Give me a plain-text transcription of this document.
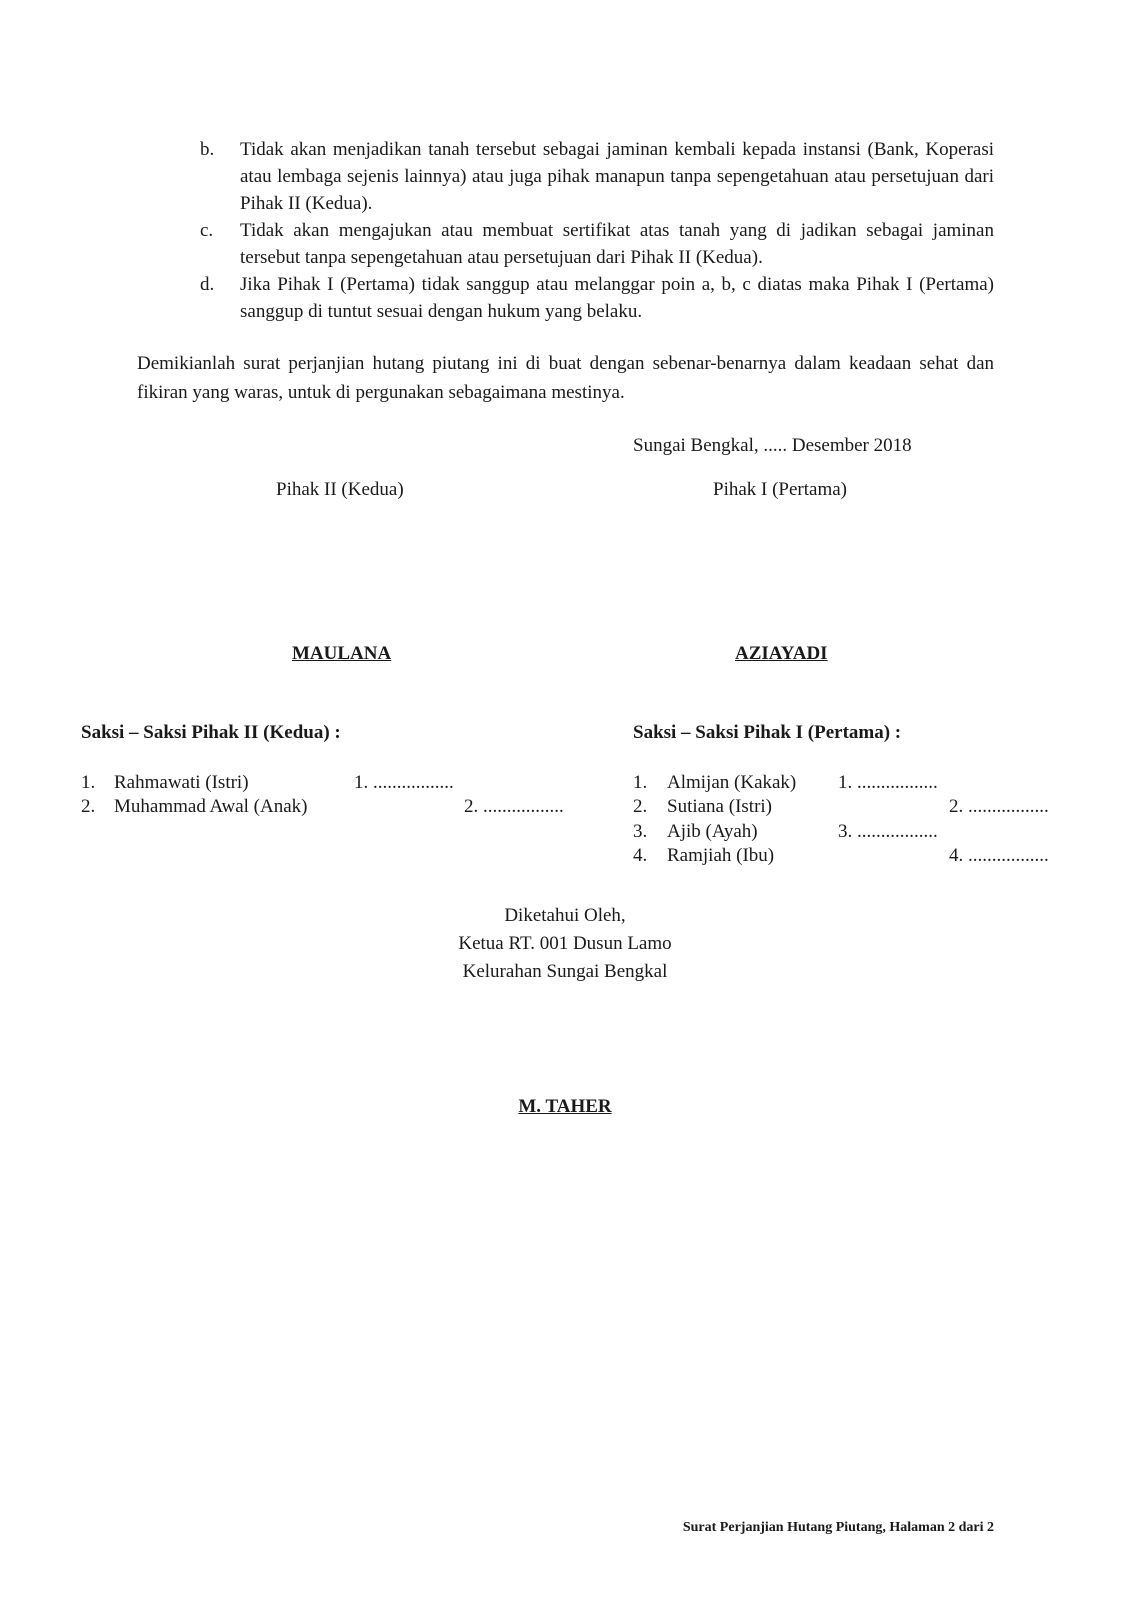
b. Tidak akan menjadikan tanah tersebut sebagai jaminan kembali kepada instansi (Bank, Koperasi atau lembaga sejenis lainnya) atau juga pihak manapun tanpa sepengetahuan atau persetujuan dari Pihak II (Kedua).
c. Tidak akan mengajukan atau membuat sertifikat atas tanah yang di jadikan sebagai jaminan tersebut tanpa sepengetahuan atau persetujuan dari Pihak II (Kedua).
d. Jika Pihak I (Pertama) tidak sanggup atau melanggar poin a, b, c diatas maka Pihak I (Pertama) sanggup di tuntut sesuai dengan hukum yang belaku.
Demikianlah surat perjanjian hutang piutang ini di buat dengan sebenar-benarnya dalam keadaan sehat dan fikiran yang waras, untuk di pergunakan sebagaimana mestinya.
Sungai Bengkal, ..... Desember 2018
Pihak II (Kedua)	Pihak I (Pertama)
MAULANA	AZIAYADI
Saksi – Saksi Pihak II (Kedua) :	Saksi – Saksi Pihak I (Pertama) :
1. Rahmawati (Istri)	1. .................
2. Muhammad Awal (Anak)	2. .................
1. Almijan (Kakak) 1. .................
2. Sutiana (Istri)	2. .................
3. Ajib (Ayah)	3. .................
4. Ramjiah (Ibu)	4. .................
Diketahui Oleh,
Ketua RT. 001 Dusun Lamo
Kelurahan Sungai Bengkal
M. TAHER
Surat Perjanjian Hutang Piutang, Halaman 2 dari 2
